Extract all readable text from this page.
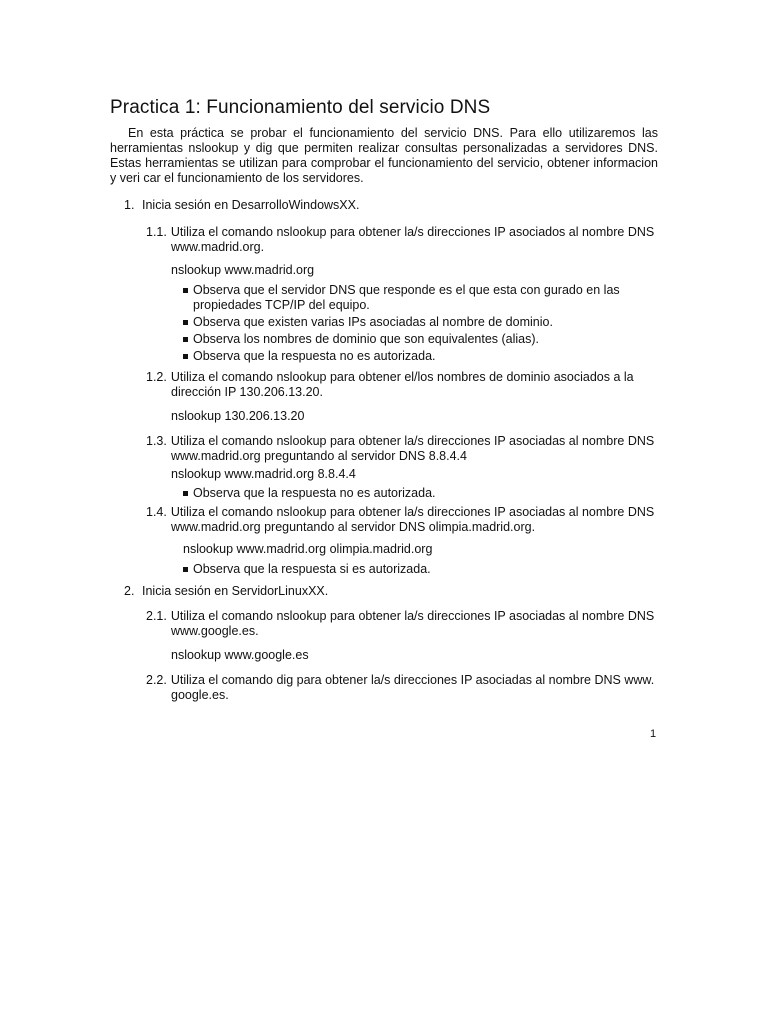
Practica 1: Funcionamiento del servicio DNS

En esta práctica se probar el funcionamiento del servicio DNS. Para ello utilizaremos las herramientas nslookup y dig que permiten realizar consultas personalizadas a servidores DNS. Estas herramientas se utilizan para comprobar el funcionamiento del servicio, obtener informacion y veri car el funcionamiento de los servidores.

1. Inicia sesión en DesarrolloWindowsXX.
1.1. Utiliza el comando nslookup para obtener la/s direcciones IP asociados al nombre DNS www.madrid.org.
nslookup www.madrid.org
Observa que el servidor DNS que responde es el que esta con gurado en las propiedades TCP/IP del equipo.
Observa que existen varias IPs asociadas al nombre de dominio.
Observa los nombres de dominio que son equivalentes (alias).
Observa que la respuesta no es autorizada.
1.2. Utiliza el comando nslookup para obtener el/los nombres de dominio asociados a la dirección IP 130.206.13.20.
nslookup 130.206.13.20
1.3. Utiliza el comando nslookup para obtener la/s direcciones IP asociadas al nombre DNS www.madrid.org preguntando al servidor DNS 8.8.4.4
nslookup www.madrid.org 8.8.4.4
Observa que la respuesta no es autorizada.
1.4. Utiliza el comando nslookup para obtener la/s direcciones IP asociadas al nombre DNS www.madrid.org preguntando al servidor DNS olimpia.madrid.org.
nslookup www.madrid.org olimpia.madrid.org
Observa que la respuesta si es autorizada.
2. Inicia sesión en ServidorLinuxXX.
2.1. Utiliza el comando nslookup para obtener la/s direcciones IP asociadas al nombre DNS www.google.es.
nslookup www.google.es
2.2. Utiliza el comando dig para obtener la/s direcciones IP asociadas al nombre DNS www. google.es.
1
